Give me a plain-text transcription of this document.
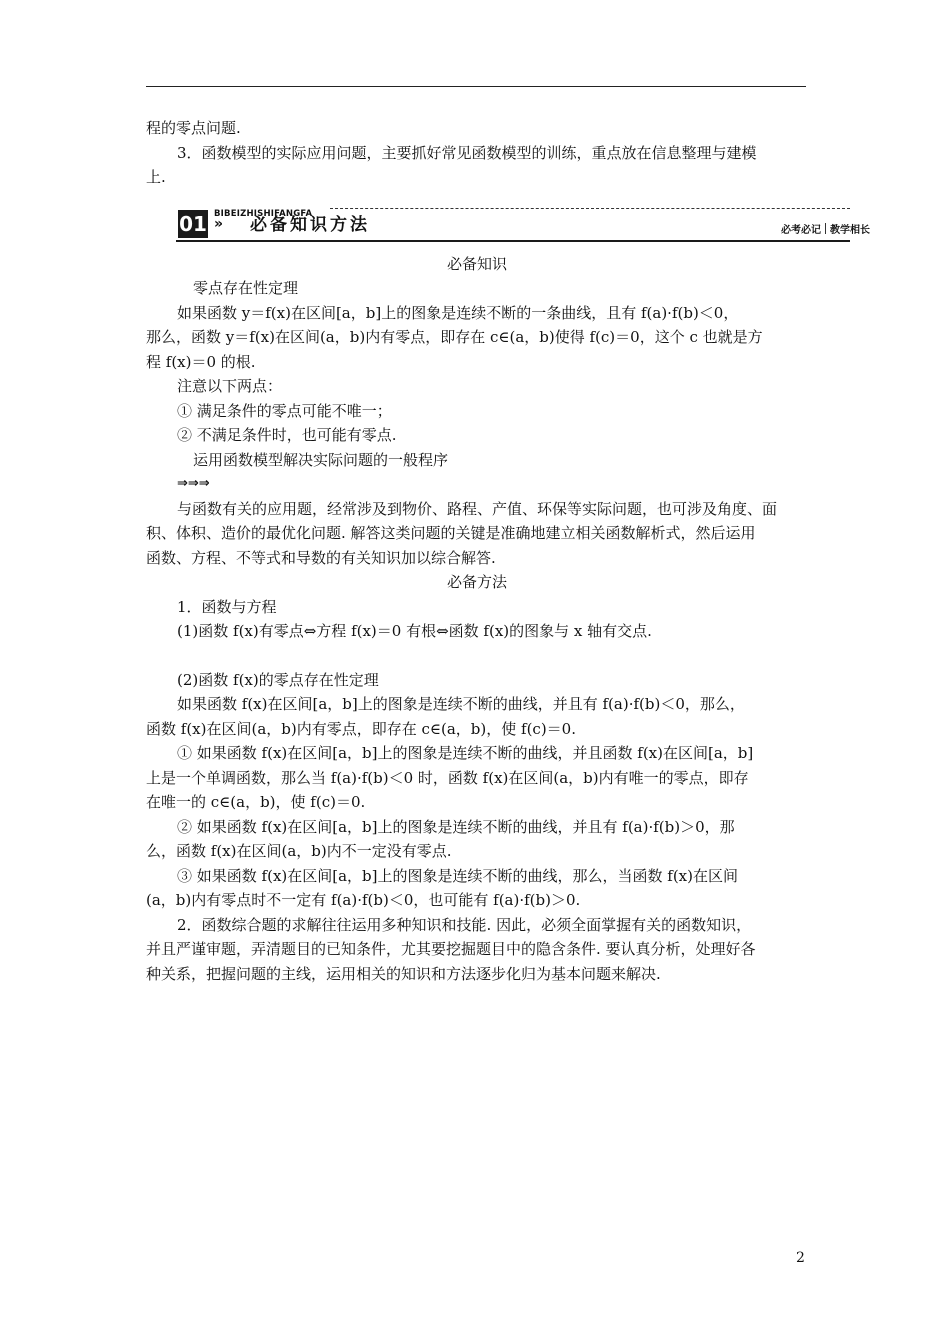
程的零点问题.

3．函数模型的实际应用问题，主要抓好常见函数模型的训练，重点放在信息整理与建模

上.

BIBEIZHISHIFANGFA
01 » 必备知识方法	必考必记 教学相长

必备知识

零点存在性定理

如果函数 y＝f(x)在区间[a，b]上的图象是连续不断的一条曲线，且有 f(a)·f(b)＜0，

那么，函数 y＝f(x)在区间(a，b)内有零点，即存在 c∈(a，b)使得 f(c)＝0，这个 c 也就是方

程 f(x)＝0 的根.

注意以下两点：

① 满足条件的零点可能不唯一；

② 不满足条件时，也可能有零点.

运用函数模型解决实际问题的一般程序

⇒⇒⇒

与函数有关的应用题，经常涉及到物价、路程、产值、环保等实际问题，也可涉及角度、面

积、体积、造价的最优化问题. 解答这类问题的关键是准确地建立相关函数解析式，然后运用

函数、方程、不等式和导数的有关知识加以综合解答.

必备方法

1．函数与方程

(1)函数 f(x)有零点⇔方程 f(x)＝0 有根⇔函数 f(x)的图象与 x 轴有交点.

(2)函数 f(x)的零点存在性定理

如果函数 f(x)在区间[a，b]上的图象是连续不断的曲线，并且有 f(a)·f(b)＜0，那么，

函数 f(x)在区间(a，b)内有零点，即存在 c∈(a，b)，使 f(c)＝0.

① 如果函数 f(x)在区间[a，b]上的图象是连续不断的曲线，并且函数 f(x)在区间[a，b]

上是一个单调函数，那么当 f(a)·f(b)＜0 时，函数 f(x)在区间(a，b)内有唯一的零点，即存

在唯一的 c∈(a，b)，使 f(c)＝0.

② 如果函数 f(x)在区间[a，b]上的图象是连续不断的曲线，并且有 f(a)·f(b)＞0，那

么，函数 f(x)在区间(a，b)内不一定没有零点.

③ 如果函数 f(x)在区间[a，b]上的图象是连续不断的曲线，那么，当函数 f(x)在区间

(a，b)内有零点时不一定有 f(a)·f(b)＜0，也可能有 f(a)·f(b)＞0.

2．函数综合题的求解往往运用多种知识和技能. 因此，必须全面掌握有关的函数知识，

并且严谨审题，弄清题目的已知条件，尤其要挖掘题目中的隐含条件. 要认真分析，处理好各

种关系，把握问题的主线，运用相关的知识和方法逐步化归为基本问题来解决.

2
